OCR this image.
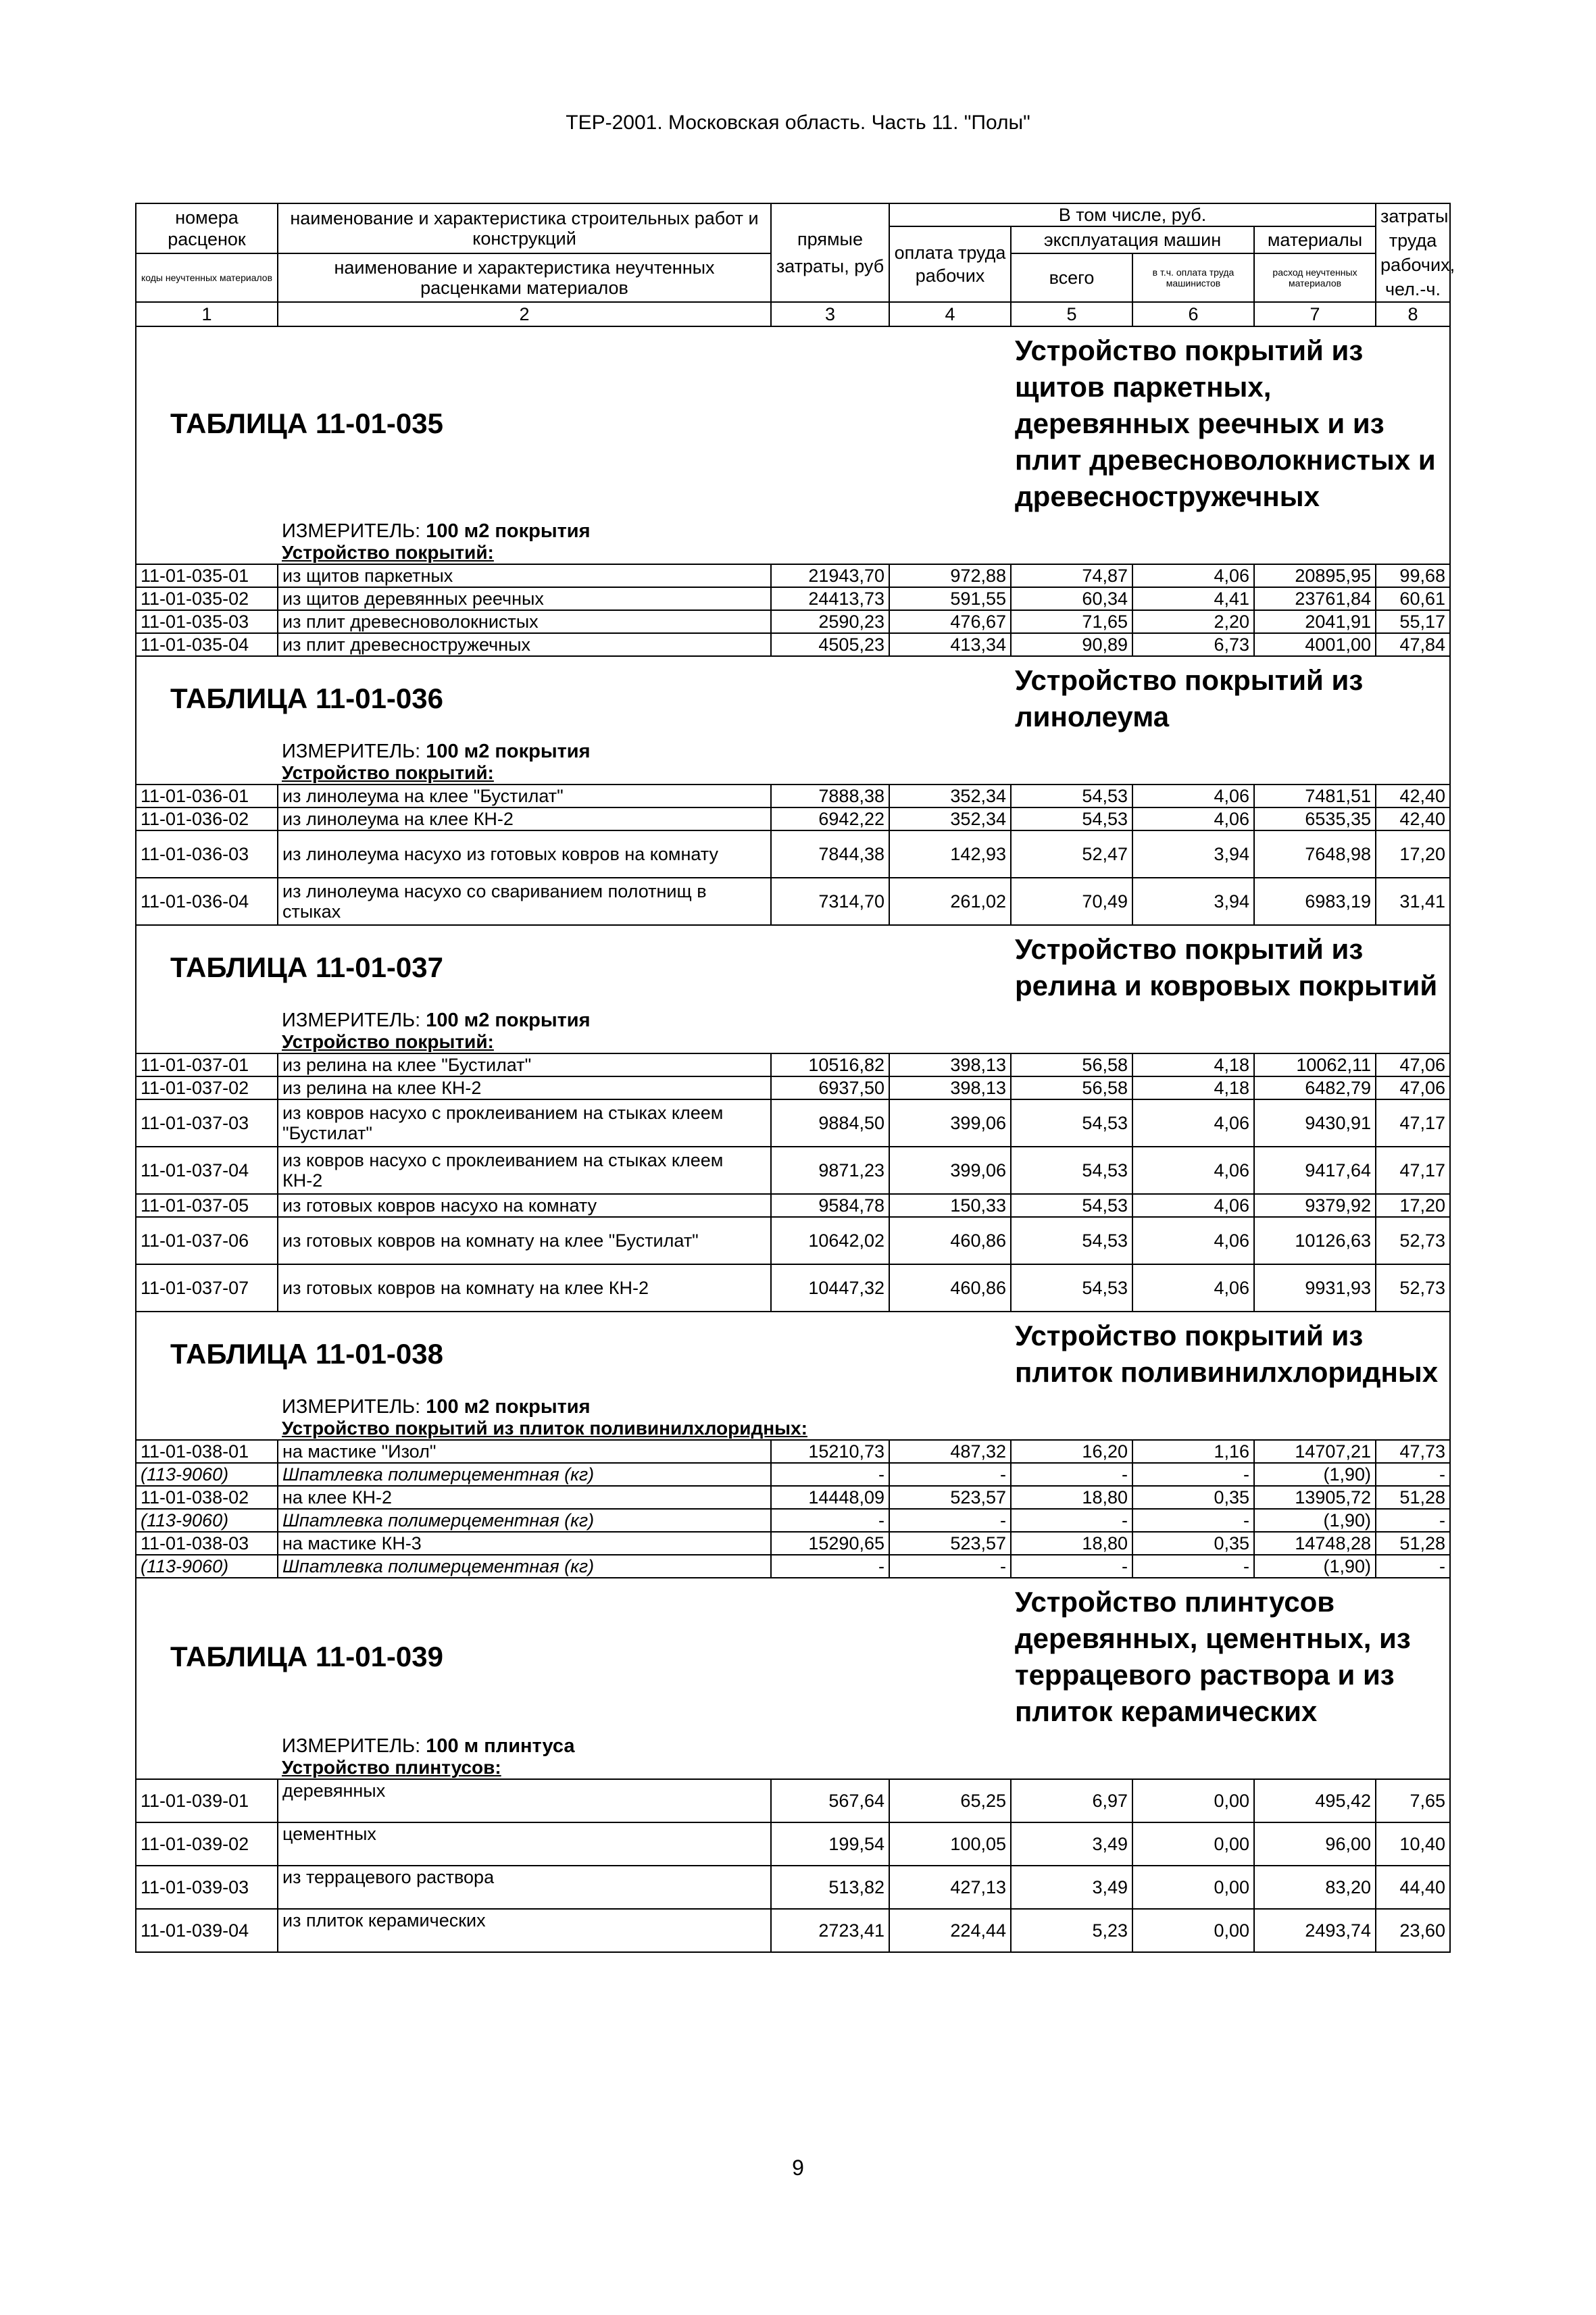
ТЕР-2001. Московская область. Часть 11. "Полы"
номера
расценок	наименование и характеристика строительных работ и конструкций	прямые затраты, руб	В том числе, руб.				затраты труда рабочих, чел.-ч.
			оплата труда рабочих	эксплуатация машин		материалы	
коды неучтенных материалов	наименование и характеристика неучтенных расценками материалов			всего	в т.ч. оплата труда машинистов	расход неучтенных материалов	

1	2	3	4	5	6	7	8
ТАБЛИЦА 11-01-035				Устройство покрытий из щитов паркетных, деревянных реечных и из плит древесноволокнистых и древесностружечных			
	ИЗМЕРИТЕЛЬ: 100 м2 покрытия						
	Устройство покрытий:						
11-01-035-01	из щитов паркетных	21943,70	972,88	74,87	4,06	20895,95	99,68
11-01-035-02	из щитов деревянных реечных	24413,73	591,55	60,34	4,41	23761,84	60,61
11-01-035-03	из плит древесноволокнистых	2590,23	476,67	71,65	2,20	2041,91	55,17
11-01-035-04	из плит древесностружечных	4505,23	413,34	90,89	6,73	4001,00	47,84
ТАБЛИЦА 11-01-036				Устройство покрытий из линолеума			
	ИЗМЕРИТЕЛЬ: 100 м2 покрытия						
	Устройство покрытий:						
11-01-036-01	из линолеума на клее "Бустилат"	7888,38	352,34	54,53	4,06	7481,51	42,40
11-01-036-02	из линолеума на клее КН-2	6942,22	352,34	54,53	4,06	6535,35	42,40
11-01-036-03	из линолеума насухо из готовых ковров на комнату	7844,38	142,93	52,47	3,94	7648,98	17,20
11-01-036-04	из линолеума насухо со свариванием полотнищ в стыках	7314,70	261,02	70,49	3,94	6983,19	31,41
ТАБЛИЦА 11-01-037				Устройство покрытий из релина и ковровых покрытий			
	ИЗМЕРИТЕЛЬ: 100 м2 покрытия						
	Устройство покрытий:						
11-01-037-01	из релина на клее "Бустилат"	10516,82	398,13	56,58	4,18	10062,11	47,06
11-01-037-02	из релина на клее КН-2	6937,50	398,13	56,58	4,18	6482,79	47,06
11-01-037-03	из ковров насухо с проклеиванием на стыках клеем "Бустилат"	9884,50	399,06	54,53	4,06	9430,91	47,17
11-01-037-04	из ковров насухо с проклеиванием на стыках клеем КН-2	9871,23	399,06	54,53	4,06	9417,64	47,17
11-01-037-05	из готовых ковров насухо на комнату	9584,78	150,33	54,53	4,06	9379,92	17,20
11-01-037-06	из готовых ковров на комнату на клее "Бустилат"	10642,02	460,86	54,53	4,06	10126,63	52,73
11-01-037-07	из готовых ковров на комнату на клее КН-2	10447,32	460,86	54,53	4,06	9931,93	52,73
ТАБЛИЦА 11-01-038				Устройство покрытий из плиток поливинилхлоридных			
	ИЗМЕРИТЕЛЬ: 100 м2 покрытия						
	Устройство покрытий из плиток поливинилхлоридных:						
11-01-038-01	на мастике "Изол"	15210,73	487,32	16,20	1,16	14707,21	47,73
(113-9060)	Шпатлевка полимерцементная (кг)	-	-	-	-	(1,90)	-
11-01-038-02	на клее КН-2	14448,09	523,57	18,80	0,35	13905,72	51,28
(113-9060)	Шпатлевка полимерцементная (кг)	-	-	-	-	(1,90)	-
11-01-038-03	на мастике КН-3	15290,65	523,57	18,80	0,35	14748,28	51,28
(113-9060)	Шпатлевка полимерцементная (кг)	-	-	-	-	(1,90)	-
ТАБЛИЦА 11-01-039				Устройство плинтусов деревянных, цементных, из террацевого раствора и из плиток керамических			
	ИЗМЕРИТЕЛЬ: 100 м плинтуса						
	Устройство плинтусов:						
11-01-039-01	деревянных	567,64	65,25	6,97	0,00	495,42	7,65
11-01-039-02	цементных	199,54	100,05	3,49	0,00	96,00	10,40
11-01-039-03	из террацевого раствора	513,82	427,13	3,49	0,00	83,20	44,40
11-01-039-04	из плиток керамических	2723,41	224,44	5,23	0,00	2493,74	23,60
9
